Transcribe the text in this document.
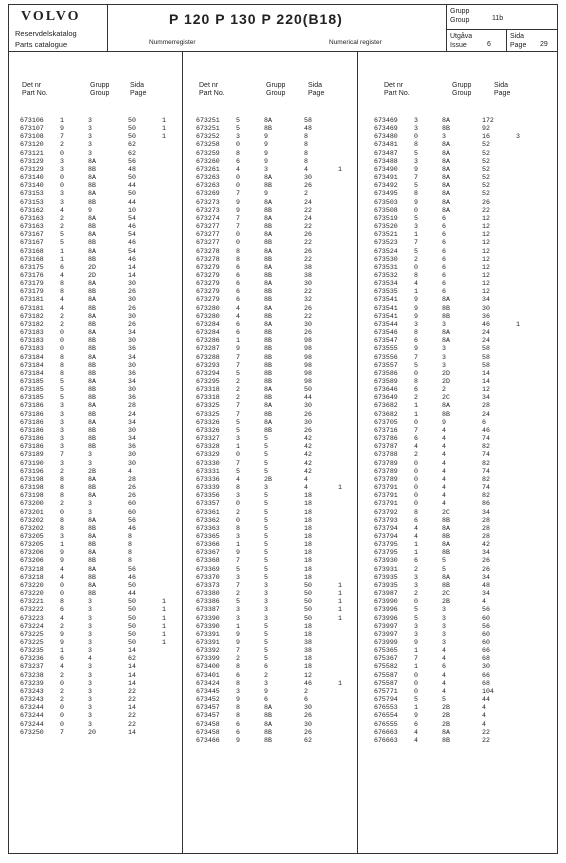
VOLVO
Reservdelskatalog
Parts catalogue
P 120 P 130 P 220(B18)
Nummerregister	Numerical register
Grupp
Group	11b
Utgåva
Issue	6
Sida
Page 29
Det nr
Part No.
Grupp
Group
Sida
Page
Det nr
Part No.
Grupp
Group
Sida
Page
Det nr
Part No.
Grupp
Group
Sida
Page
673106 1	3	50	1
673107 9	3	50	1
673108 7	3	50	1
673120 2	3	62
673121 0	3	62
673129 3	8A	56
673129 3	8B	48
673140 0	8A	50
673140 0	8B	44
673153 3	8A	50
673153 3	8B	44
673162 4	9	10
673163 2	8A	54
673163 2	8B	46
673167 5	8A	54
673167 5	8B	46
673168 1	8A	54
673168 1	8B	46
673175 6	2D	14
673176 4	2D	14
673179 8	8A	30
673179 8	8B	26
673181 4	8A	30
673181 4	8B	26
673182 2	8A	30
673182 2	8B	26
673183 0	8A	34
673183 0	8B	30
673183 0	8B	36
673184 8	8A	34
673184 8	8B	30
673184 8	8B	36
673185 5	8A	34
673185 5	8B	30
673185 5	8B	36
673186 3	8A	28
673186 3	8B	24
673186 3	8A	34
673186 3	8B	30
673186 3	8B	34
673186 3	8B	36
673189 7	3	30
673190 3	3	30
673196 2	2B	4
673198 8	8A	28
673198 8	8B	26
673198 8	8A	26
673200 2	3	60
673201 0	3	60
673202 8	8A	56
673202 8	8B	46
673205 3	8A	8
673205 1	8B	8
673206 9	8A	8
673206 9	8B	8
673218 4	8A	56
673218 4	8B	46
673220 0	8A	50
673220 0	8B	44
673221 8	3	50	1
673222 6	3	50	1
673223 4	3	50	1
673224 2	3	50	1
673225 9	3	50	1
673225 9	3	50	1
673235 1	3	14
673236 6	4	62
673237 4	3	14
673238 2	3	14
673239 0	3	14
673243 2	3	22
673243 2	3	22
673244 0	3	14
673244 0	3	22
673244 0	3	22
673250 7	20	14
673251 5	8A	58
673251 5	8B	48
673252 3	9	8
673258 0	9	8
673259 8	9	8
673260 6	9	8
673261 4	3	4	1
673263 0	8A	30
673263 0	8B	26
673269 7	9	2
673273 9	8A	24
673273 9	8B	22
673274 7	8A	24
673277 7	8B	22
673277 0	8A	26
673277 0	8B	22
673278 8	8A	26
673278 8	8B	22
673279 6	8A	38
673279 6	8B	38
673279 6	8A	30
673279 6	8B	22
673279 6	8B	32
673280 4	8A	26
673280 4	8B	22
673284 6	8A	30
673284 6	8B	26
673286 1	8B	98
673287 9	8B	98
673288 7	8B	98
673293 7	8B	98
673294 5	8B	98
673295 2	8B	98
673318 2	8A	50
673318 2	8B	44
673325 7	8A	30
673325 7	8B	26
673326 5	8A	30
673326 5	8B	26
673327 3	5	42
673328 1	5	42
673329 0	5	42
673330 7	5	42
673331 5	5	42
673336 4	2B	4
673339 8	3	4	1
673356 3	5	18
673357 0	5	18
673361 2	5	18
673362 0	5	18
673363 8	5	18
673365 3	5	18
673366 1	5	18
673367 9	5	18
673368 7	5	18
673369 5	5	18
673370 3	5	18
673373 7	3	50	1
673380 2	3	50	1
673386 5	3	50	1
673387 3	3	50	1
673390 3	3	50	1
673390 1	5	18
673391 9	5	18
673391 9	5	38
673392 7	5	38
673399 2	5	18
673400 8	6	18
673401 6	2	12
673424 8	3	46	1
673445 3	9	2
673452 9	6	6
673457 8	8A	30
673457 8	8B	26
673458 6	8A	30
673458 6	8B	26
673466 9	8B	62
673469 3	8A	172
673469 3	8B	92
673480 0	3	16	3
673481 8	8A	52
673487 5	8A	52
673488 3	8A	52
673490 9	8A	52
673491 7	8A	52
673492 5	8A	52
673495 8	8A	52
673503 9	8A	26
673508 0	8A	22
673519 5	6	12
673520 3	6	12
673521 1	6	12
673523 7	6	12
673524 5	6	12
673530 2	6	12
673531 0	6	12
673532 8	6	12
673534 4	6	12
673535 1	6	12
673541 9	8A	34
673541 9	8B	30
673541 9	8B	36
673544 3	3	46	1
673546 8	8A	24
673547 6	8A	24
673555 9	3	58
673556 7	3	58
673557 5	3	58
673586 0	2D	14
673589 8	2D	14
673646 6	2	12
673649 2	2C	34
673682 1	8A	28
673682 1	8B	24
673705 0	9	6
673716 7	4	46
673786 6	4	74
673787 4	4	82
673788 2	4	74
673789 0	4	82
673789 0	4	74
673789 0	4	82
673791 0	4	74
673791 0	4	82
673791 0	4	86
673792 8	2C	34
673793 6	8B	28
673794 4	8A	28
673794 4	8B	28
673795 1	8A	42
673795 1	8B	34
673930 6	5	26
673931 2	5	26
673935 3	8A	34
673935 3	8B	48
673987 2	2C	34
673990 0	2B	4
673996 5	3	56
673996 5	3	60
673997 3	3	56
673997 3	3	60
673999 9	3	60
675365 1	4	66
675367 7	4	68
675582 1	6	30
675587 0	4	66
675587 0	4	68
675771 0	4	104
675794 5	5	44
676553 1	2B	4
676554 9	2B	4
676555 6	2B	4
676663 4	8A	22
676663 4	8B	22
